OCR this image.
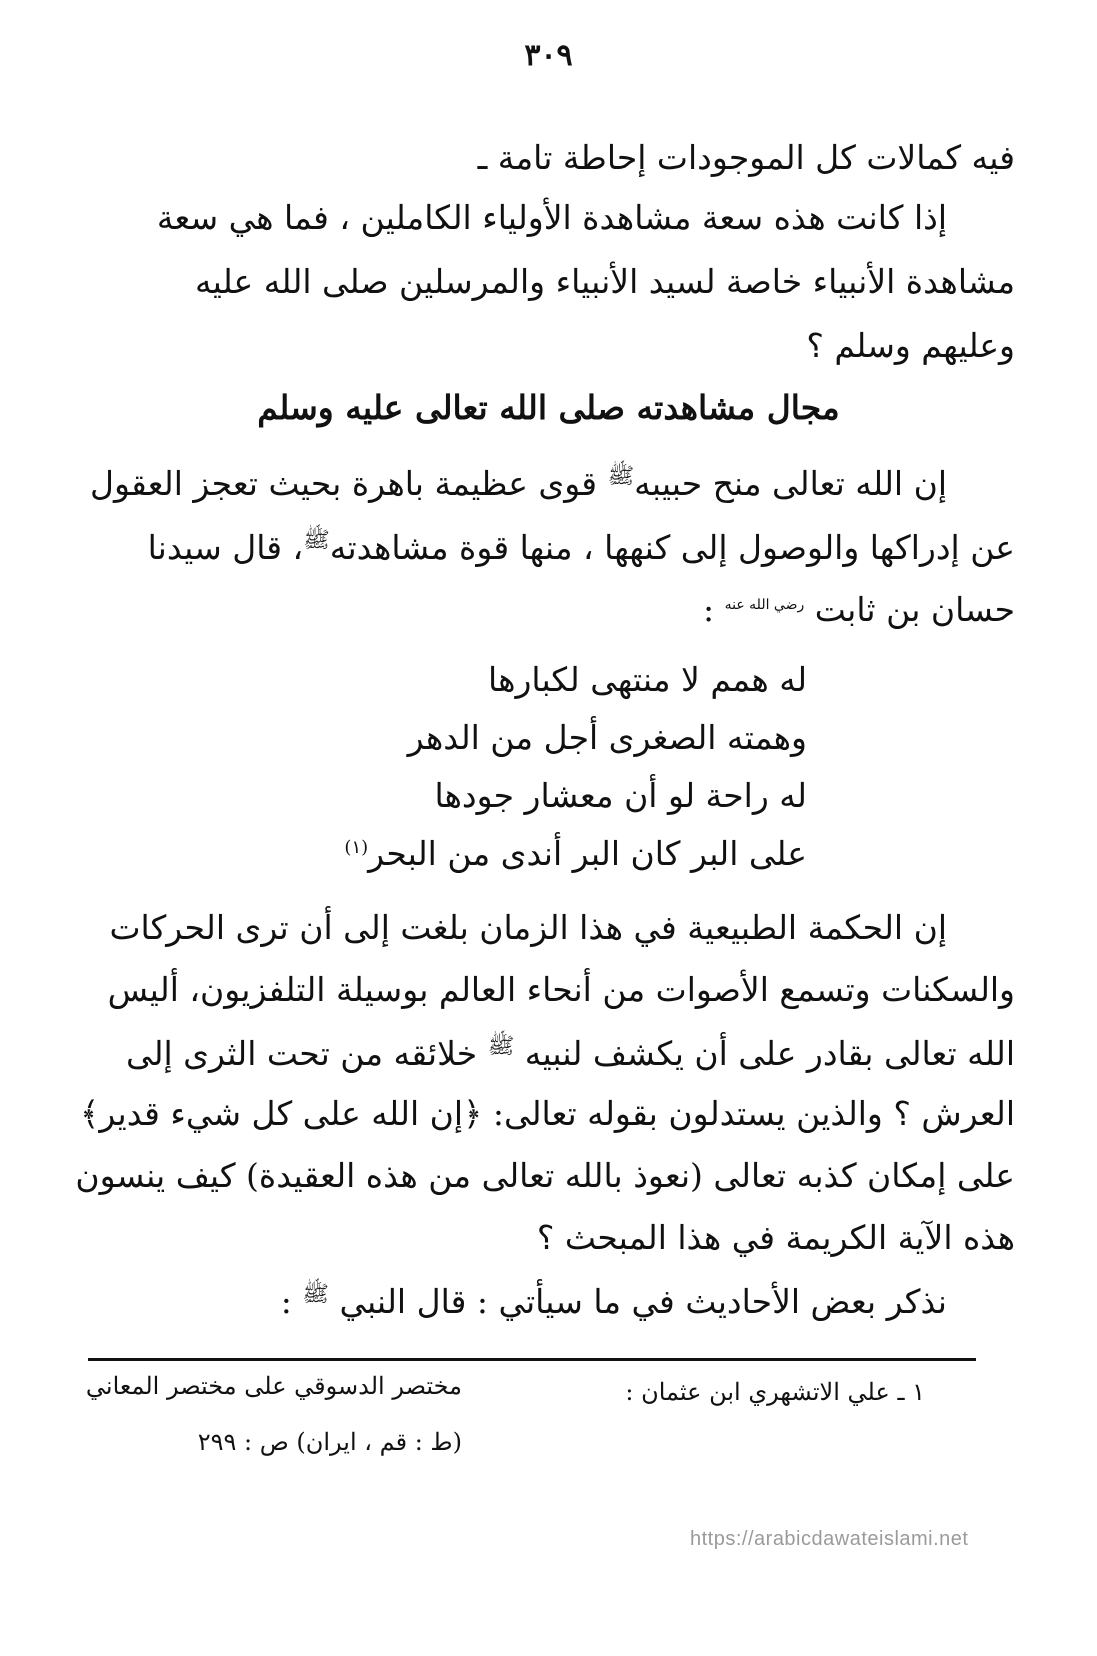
٣٠٩
فيه كمالات كل الموجودات إحاطة تامة ـ
إذا كانت هذه سعة مشاهدة الأولياء الكاملين ، فما هي سعة
مشاهدة الأنبياء خاصة لسيد الأنبياء والمرسلين صلى الله عليه
وعليهم وسلم ؟
مجال مشاهدته صلى الله تعالى عليه وسلم
إن الله تعالى منح حبيبه$^ﷺ$ قوى عظيمة باهرة بحيث تعجز العقول
عن إدراكها والوصول إلى كنهها ، منها قوة مشاهدته$^ﷺ$، قال سيدنا
حسان بن ثابت $^{رضي الله عنه}$ :
له همم لا منتهى لكبارها
وهمته الصغرى أجل من الدهر
له راحة لو أن معشار جودها
على البر كان البر أندى من البحر$^{(١)}$
إن الحكمة الطبيعية في هذا الزمان بلغت إلى أن ترى الحركات
والسكنات وتسمع الأصوات من أنحاء العالم بوسيلة التلفزيون، أليس
الله تعالى بقادر على أن يكشف لنبيه $^ﷺ$ خلائقه من تحت الثرى إلى
العرش ؟ والذين يستدلون بقوله تعالى: ﴿إن الله على كل شيء قدير﴾
على إمكان كذبه تعالى (نعوذ بالله تعالى من هذه العقيدة) كيف ينسون
هذه الآية الكريمة في هذا المبحث ؟
نذكر بعض الأحاديث في ما سيأتي : قال النبي $^ﷺ$ :
١ ـ علي الاتشهري ابن عثمان :
مختصر الدسوقي على مختصر المعاني
(ط : قم ، ايران) ص : ٢٩٩
https://arabicdawateislami.net
